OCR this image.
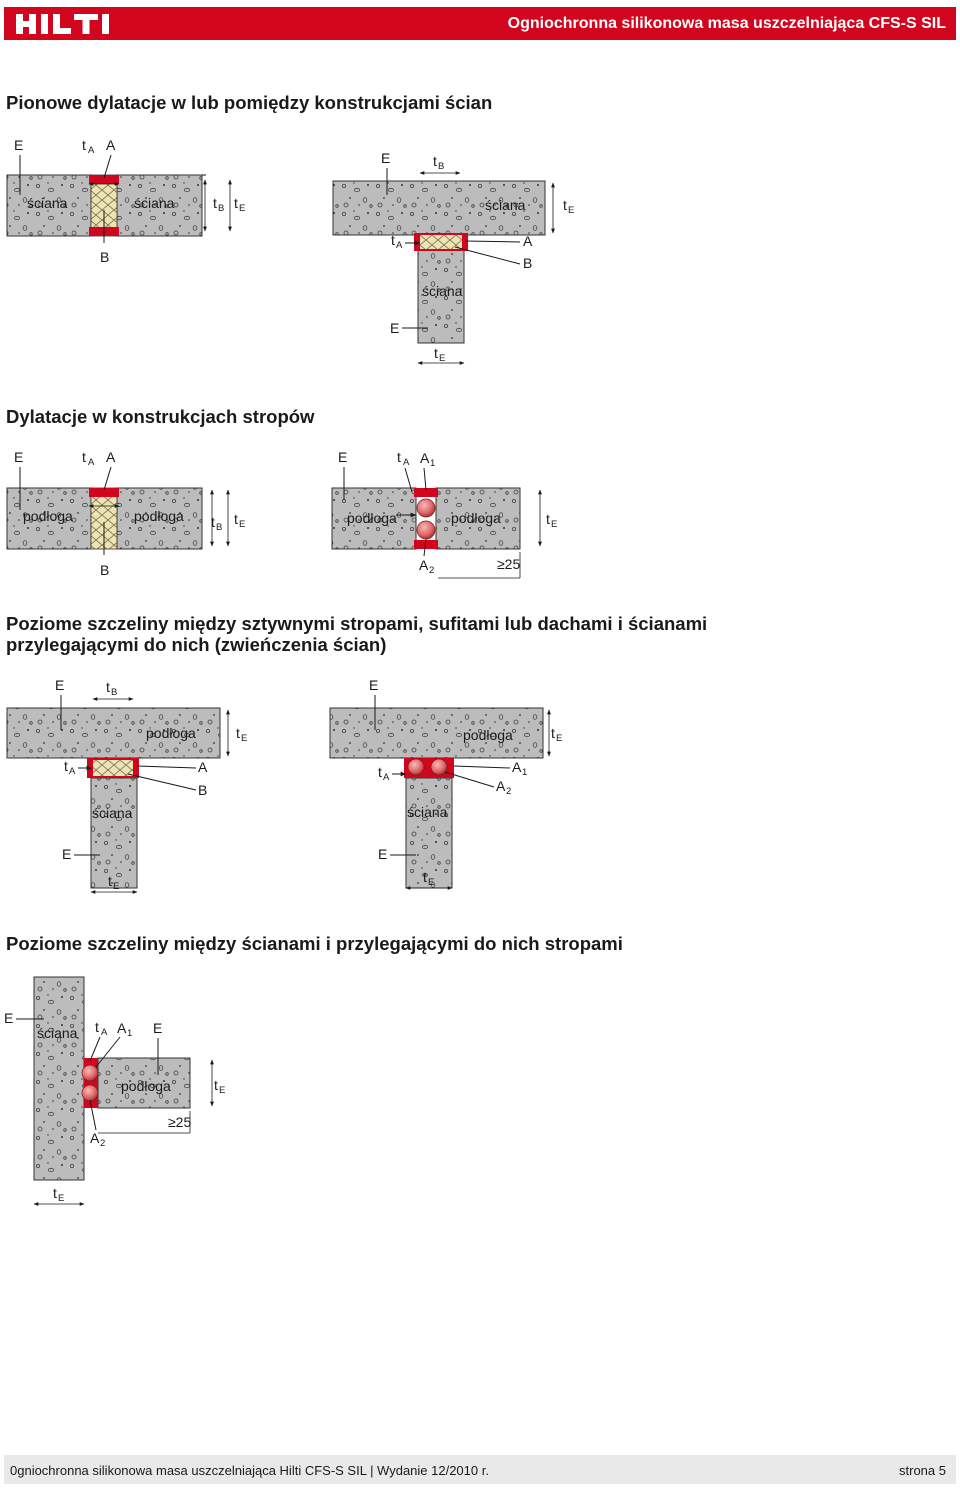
Ogniochronna silikonowa masa uszczelniająca CFS-S SIL
Pionowe dylatacje w lub pomiędzy konstrukcjami ścian
E	t A A
ściana	ściana
B
t B t E
E	t B
ściana	t E
t A	A
B
ściana
E
t E
Dylatacje w konstrukcjach stropów
E	t A A
podłoga	podłoga
B
t B
t E
E	t A A 1
podłoga	podłoga
A 2	≥25
t E
Poziome szczeliny między sztywnymi stropami, sufitami lub dachami i ścianami
przylegającymi do nich (zwieńczenia ścian)
E	t B
podłoga	t E
t A	A
B
ściana
E
t E
E
podłoga	t E
t A
A 1
A 2
ściana
E
t E
Poziome szczeliny między ścianami i przylegającymi do nich stropami
E
ściana t A A 1 E
podłoga	t E
A 2
≥25
t E
0gniochronna silikonowa masa uszczelniająca Hilti CFS-S SIL | Wydanie 12/2010 r.	strona 5
